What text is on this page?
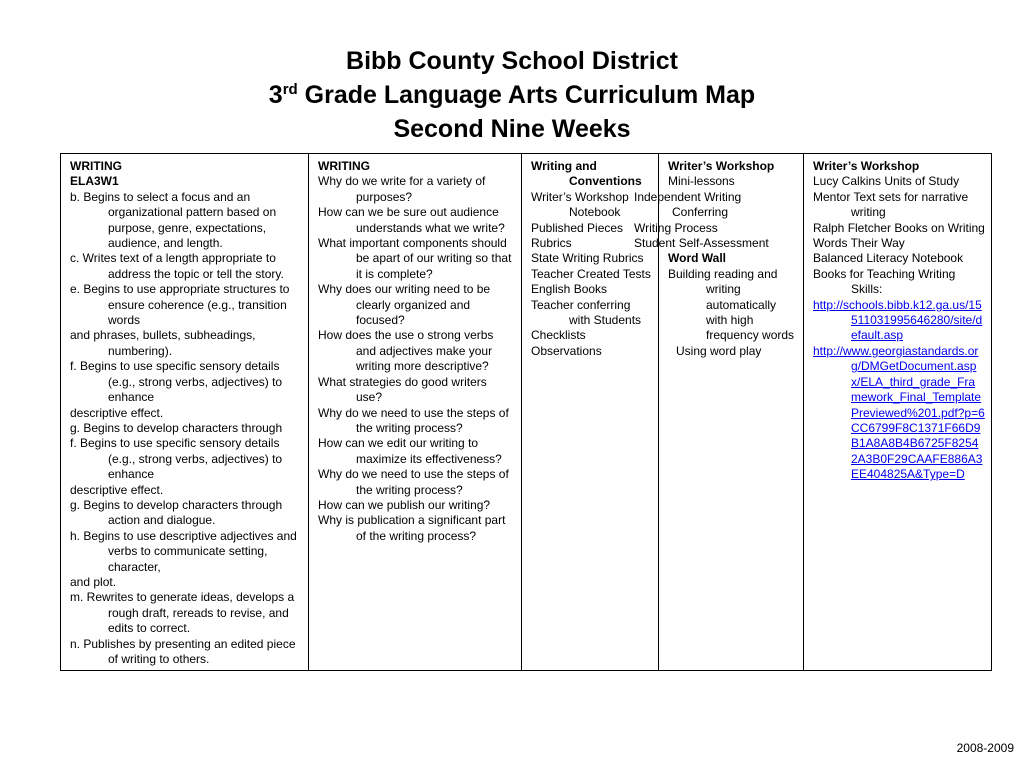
Bibb County School District
3rd Grade Language Arts Curriculum Map
Second Nine Weeks
WRITING
ELA3W1
b. Begins to select a focus and an organizational pattern based on purpose, genre, expectations, audience, and length.
c. Writes text of a length appropriate to address the topic or tell the story.
e. Begins to use appropriate structures to ensure coherence (e.g., transition words
and phrases, bullets, subheadings, numbering).
f. Begins to use specific sensory details (e.g., strong verbs, adjectives) to enhance
descriptive effect.
g. Begins to develop characters through
f. Begins to use specific sensory details (e.g., strong verbs, adjectives) to enhance
descriptive effect.
g. Begins to develop characters through action and dialogue.
h. Begins to use descriptive adjectives and verbs to communicate setting, character,
and plot.
m. Rewrites to generate ideas, develops a rough draft, rereads to revise, and edits to correct.
n. Publishes by presenting an edited piece of writing to others.

WRITING
Why do we write for a variety of purposes?
How can we be sure out audience understands what we write?
What important components should be apart of our writing so that it is complete?
Why does our writing need to be clearly organized and focused?
How does the use o strong verbs and adjectives make your writing more descriptive?
What strategies do good writers use?
Why do we need to use the steps of the writing process?
How can we edit our writing to maximize its effectiveness?
Why do we need to use the steps of the writing process?
How can we publish our writing?
Why is publication a significant part of the writing process?

Writing and Conventions
Writer’s Workshop Notebook
Published Pieces
Rubrics
State Writing Rubrics
Teacher Created Tests
English Books
Teacher conferring with Students
Checklists
Observations

Writer’s Workshop
Mini-lessons
Independent Writing Conferring
Writing Process
Student Self-Assessment
Word Wall
Building reading and writing automatically with high frequency words
Using word play

Writer’s Workshop
Lucy Calkins Units of Study
Mentor Text sets for narrative writing
Ralph Fletcher Books on Writing
Words Their Way
Balanced Literacy Notebook
Books for Teaching Writing Skills:
http://schools.bibb.k12.ga.us/15511031995646280/site/default.asp
http://www.georgiastandards.org/DMGetDocument.aspx/ELA_third_grade_Framework_Final_TemplatePreviewed%201.pdf?p=6CC6799F8C1371F66D9B1A8A8B4B6725F82542A3B0F29CAAFE886A3EE404825A&Type=D
2008-2009
